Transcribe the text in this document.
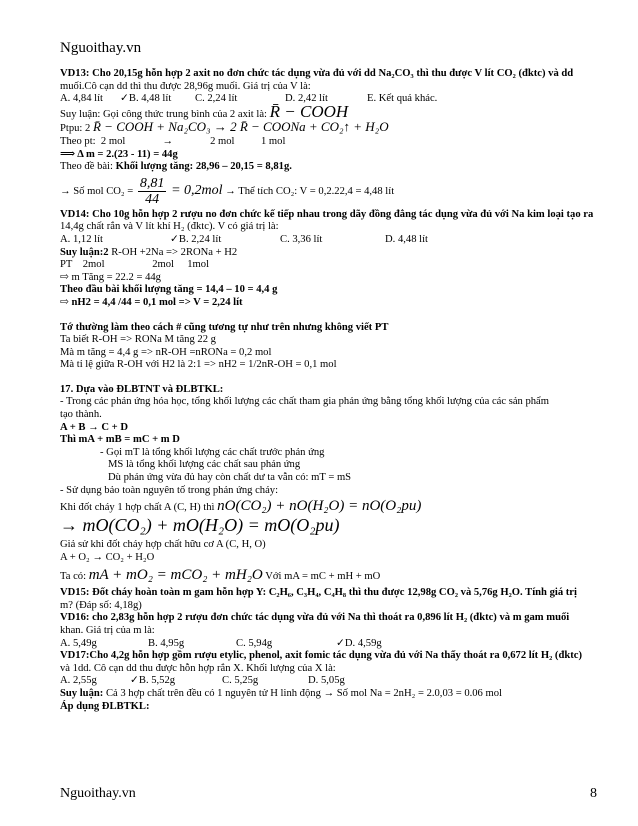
Nguoithay.vn

VD13: Cho 20,15g hỗn hợp 2 axit no đơn chức tác dụng vừa đủ với dd Na₂CO₃ thì thu được V lít CO₂ (đktc) và dd

muối.Cô cạn dd thì thu được 28,96g muối. Giá trị của V là:

A. 4,84 lít	✓B. 4,48 lít	C. 2,24 lít	D. 2,42 lít	E. Kết quả khác.

Suy luận: Gọi công thức trung bình của 2 axit là: R̄ − COOH

Ptpu: 2 R̄ − COOH + Na₂CO₃ → 2 R̄ − COONa + CO₂↑ + H₂O

Theo pt:  2 mol              →              2 mol          1 mol

⟹ Δ m = 2.(23 - 11) = 44g

Theo đề bài: Khối lượng tăng: 28,96 – 20,15 = 8,81g.

→ Số mol $CO_2 = \frac{8,81}{44} = 0,2mol$ → Thể tích CO₂: V = 0,2.22,4 = 4,48 lít

VD14: Cho 10g hỗn hợp 2 rượu no đơn chức kế tiếp nhau trong dãy đồng đẳng tác dụng vừa đủ với Na kim loại tạo ra

14,4g chất rắn và V lít khí H₂ (đktc). V có giá trị là:

A. 1,12 lít	✓B. 2,24 lít	C. 3,36 lít	D. 4,48 lít

Suy luận:2 R-OH +2Na => 2RONa + H2

PT    2mol                  2mol     1mol

⇨ m Tăng = 22.2 = 44g

Theo đầu bài khối lượng tăng = 14,4 – 10 = 4,4 g

⇨ nH2 = 4,4 /44 = 0,1 mol => V = 2,24 lít

Tớ thường làm theo cách # cũng tương tự như trên nhưng không viết PT

Ta biết R-OH => RONa M tăng 22 g

Mà m tăng = 4,4 g => nR-OH =nRONa = 0,2 mol

Mà tỉ lệ giữa R-OH với H2 là 2:1 => nH2 = 1/2nR-OH = 0,1 mol

17. Dựa vào ĐLBTNT và ĐLBTKL:

- Trong các phản ứng hóa học, tổng khối lượng các chất tham gia phản ứng bằng tổng khối lượng của các sản phẩm

tạo thành.

A + B → C + D

Thì mA + mB = mC + m D

- Gọi mT là tổng khối lượng các chất trước phản ứng

MS là tổng khối lượng các chất sau phản ứng

Dù phản ứng vừa đủ hay còn chất dư ta vẫn có: mT = mS

- Sử dụng bảo toàn nguyên tố trong phản ứng cháy:

Khi đốt cháy 1 hợp chất A (C, H) thì nO(CO₂) + nO(H₂O) = nO(O₂pu)

→ mO(CO₂) + mO(H₂O) = mO(O₂pu)

Giả sử khi đốt cháy hợp chất hữu cơ A (C, H, O)

A + O₂ → CO₂ + H₂O

Ta có: mA + mO₂ = mCO₂ + mH₂O Với mA = mC + mH + mO

VD15: Đốt cháy hoàn toàn m gam hỗn hợp Y: C₂H₆, C₃H₄, C₄H₈ thì thu được 12,98g CO₂ và 5,76g H₂O. Tính giá trị

m? (Đáp số: 4,18g)

VD16: cho 2,83g hỗn hợp 2 rượu đơn chức tác dụng vừa đủ với Na thì thoát ra 0,896 lít H₂ (đktc) và m gam muối

khan. Giá trị của m là:

A. 5,49g	B. 4,95g	C. 5,94g	✓D. 4,59g

VD17:Cho 4,2g hỗn hợp gồm rượu etylic, phenol, axit fomic tác dụng vừa đủ với Na thấy thoát ra 0,672 lít H₂ (đktc)

và 1dd. Cô cạn dd thu được hỗn hợp rắn X. Khối lượng của X là:

A. 2,55g	✓B. 5,52g	C. 5,25g	D. 5,05g

Suy luận: Cả 3 hợp chất trên đều có 1 nguyên tử H linh động → Số mol Na = 2nH₂ = 2.0,03 = 0.06 mol

Áp dụng ĐLBTKL:

Nguoithay.vn	8
